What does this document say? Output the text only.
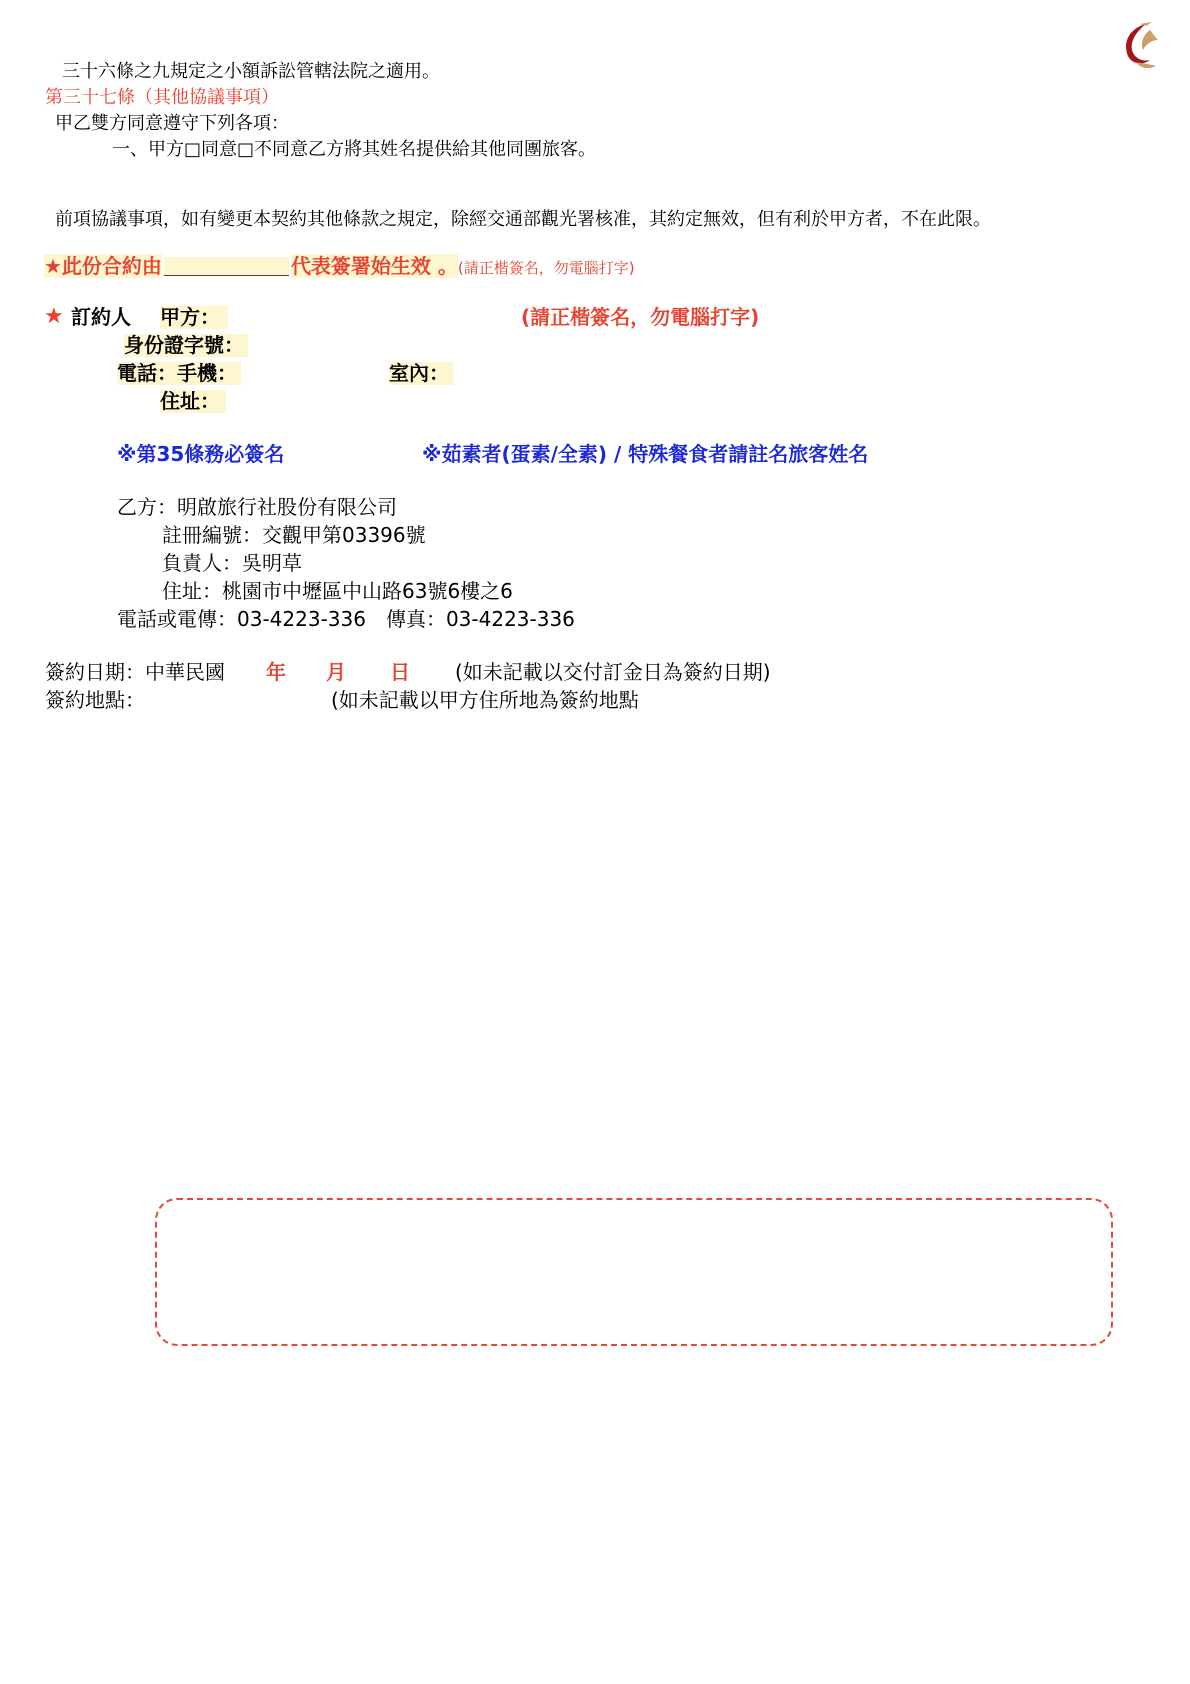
三十六條之九規定之小額訴訟管轄法院之適用。
第三十七條（其他協議事項）
甲乙雙方同意遵守下列各項：
一、甲方□同意□不同意乙方將其姓名提供給其他同團旅客。
前項協議事項，如有變更本契約其他條款之規定，除經交通部觀光署核准，其約定無效，但有利於甲方者，不在此限。
★此份合約由	代表簽署始生效 。(請正楷簽名，勿電腦打字)
★ 訂約人 甲方：	(請正楷簽名，勿電腦打字)
身份證字號：
電話：手機：	室內：
住址：
※第35條務必簽名	※茹素者(蛋素/全素) / 特殊餐食者請註名旅客姓名
乙方：明啟旅行社股份有限公司
註冊編號：交觀甲第03396號
負責人：吳明草
住址：桃園市中壢區中山路63號6樓之6
電話或電傳：03-4223-336　傳真：03-4223-336
簽約日期：中華民國 年 月 日 (如未記載以交付訂金日為簽約日期)
簽約地點：	(如未記載以甲方住所地為簽約地點
